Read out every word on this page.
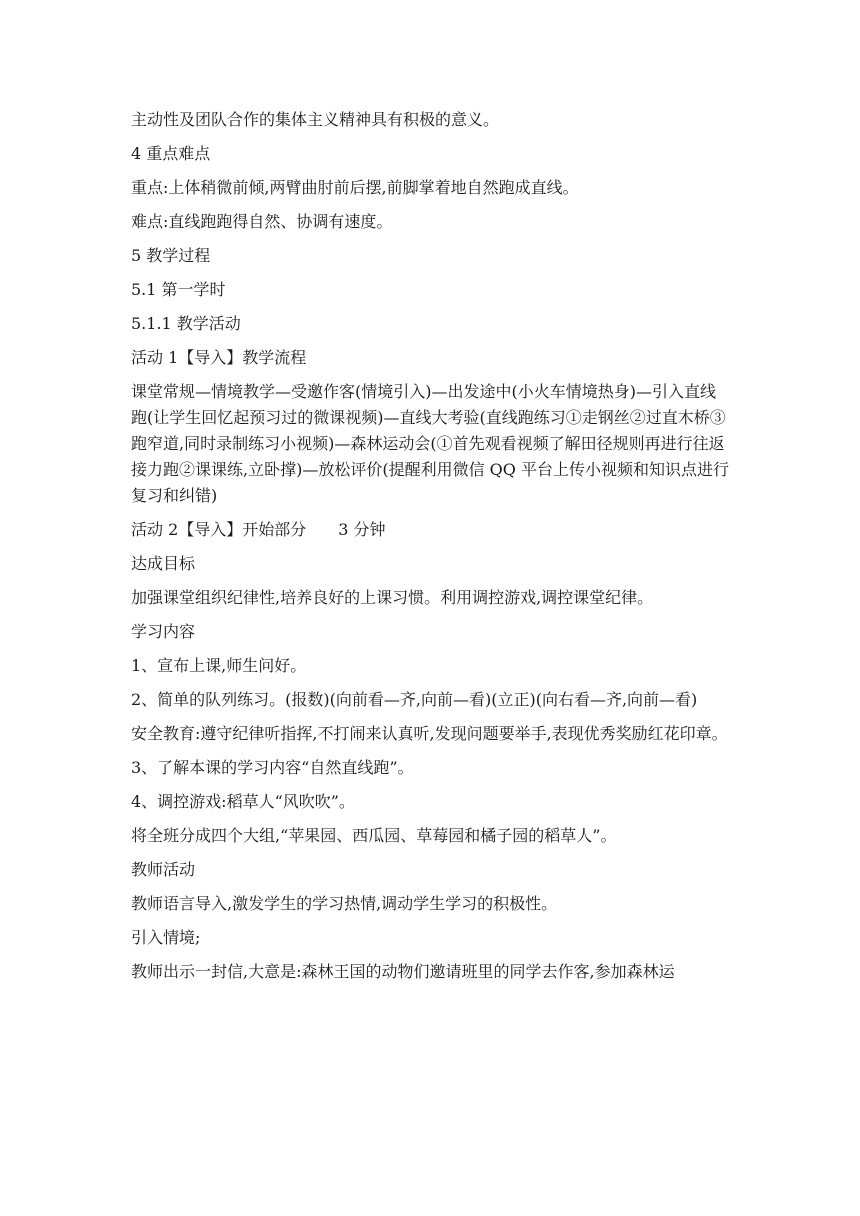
主动性及团队合作的集体主义精神具有积极的意义。

4 重点难点

重点:上体稍微前倾,两臂曲肘前后摆,前脚掌着地自然跑成直线。

难点:直线跑跑得自然、协调有速度。

5 教学过程

5.1 第一学时

5.1.1 教学活动

活动 1【导入】教学流程

课堂常规—情境教学—受邀作客(情境引入)—出发途中(小火车情境热身)—引入直线跑(让学生回忆起预习过的微课视频)—直线大考验(直线跑练习①走钢丝②过直木桥③跑窄道,同时录制练习小视频)—森林运动会(①首先观看视频了解田径规则再进行往返接力跑②课课练,立卧撑)—放松评价(提醒利用微信 QQ 平台上传小视频和知识点进行复习和纠错)

活动 2【导入】开始部分　　3 分钟

达成目标

加强课堂组织纪律性,培养良好的上课习惯。利用调控游戏,调控课堂纪律。

学习内容

1、宣布上课,师生问好。

2、简单的队列练习。(报数)(向前看—齐,向前—看)(立正)(向右看—齐,向前—看)

安全教育:遵守纪律听指挥,不打闹来认真听,发现问题要举手,表现优秀奖励红花印章。

3、了解本课的学习内容“自然直线跑”。

4、调控游戏:稻草人“风吹吹”。

将全班分成四个大组,“苹果园、西瓜园、草莓园和橘子园的稻草人”。

教师活动

教师语言导入,激发学生的学习热情,调动学生学习的积极性。

引入情境;

教师出示一封信,大意是:森林王国的动物们邀请班里的同学去作客,参加森林运
